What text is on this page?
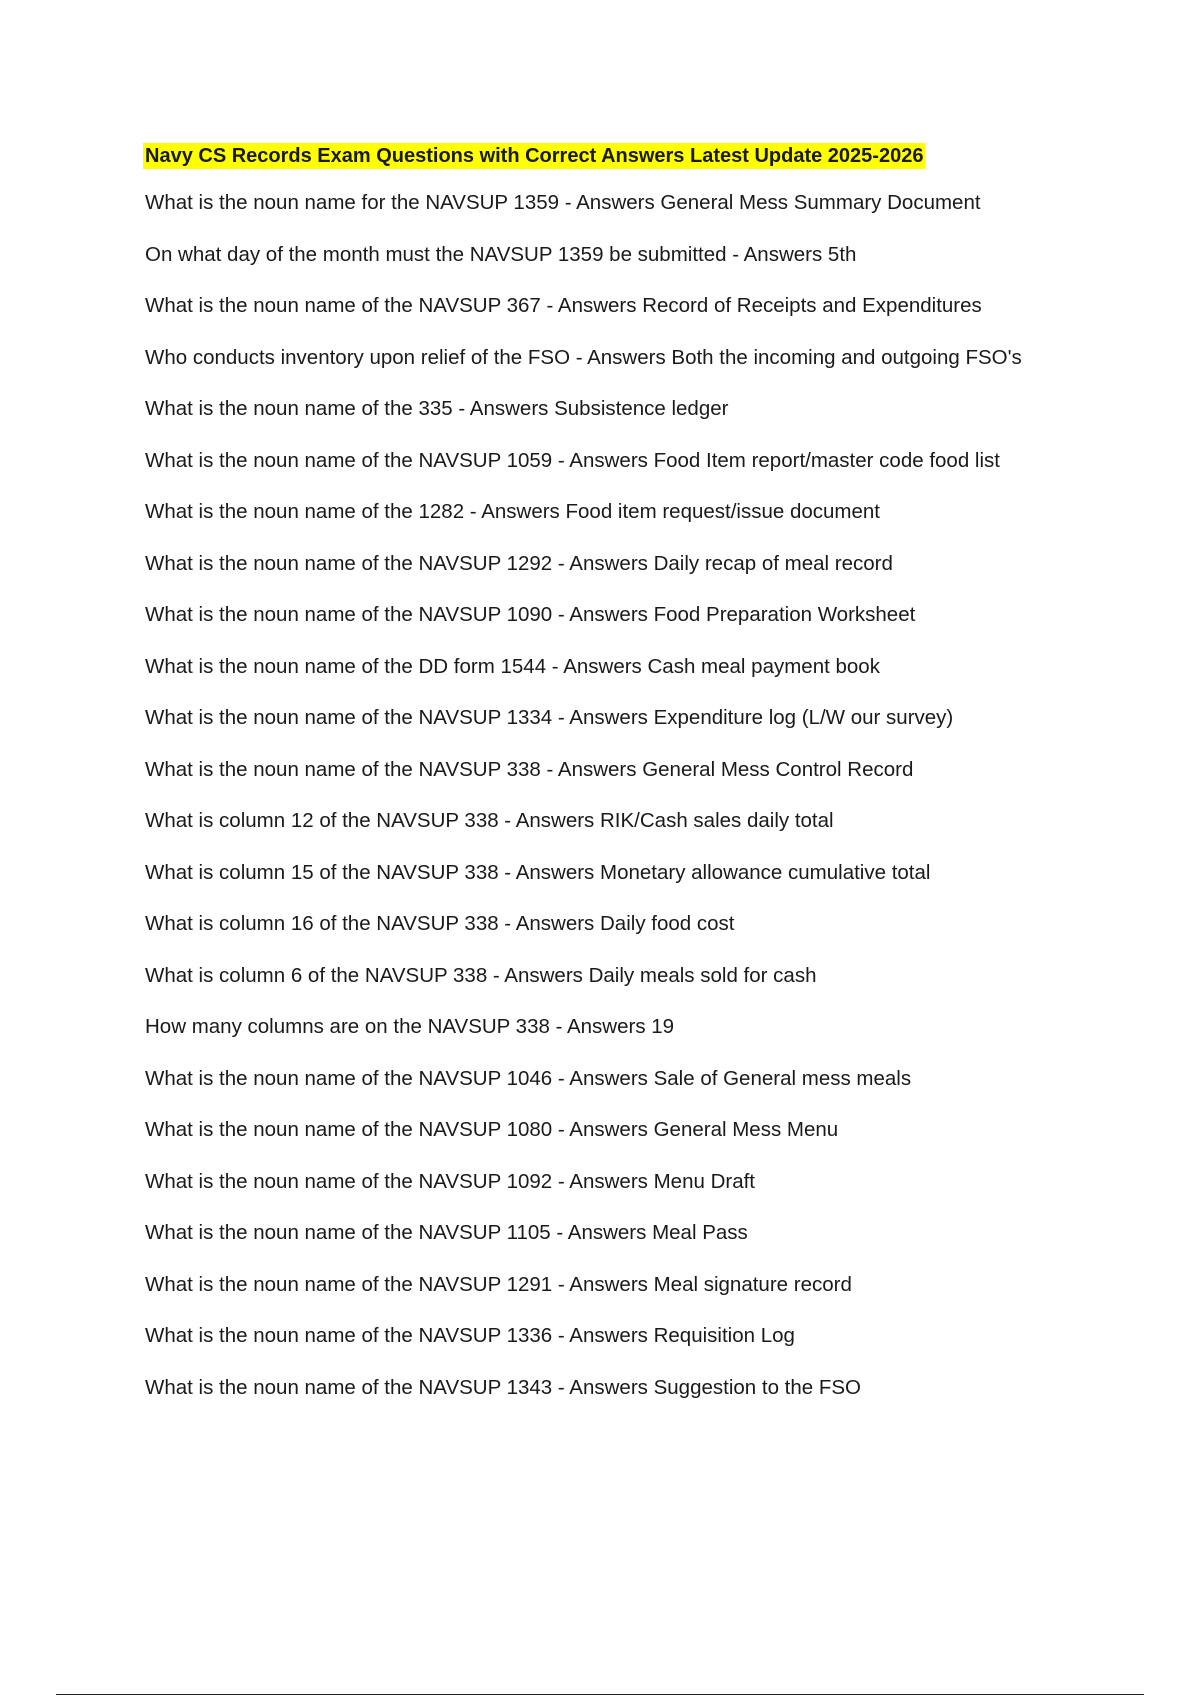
Navy CS Records Exam Questions with Correct Answers Latest Update 2025-2026
What is the noun name for the NAVSUP 1359 - Answers General Mess Summary Document
On what day of the month must the NAVSUP 1359 be submitted - Answers 5th
What is the noun name of the NAVSUP 367 - Answers Record of Receipts and Expenditures
Who conducts inventory upon relief of the FSO - Answers Both the incoming and outgoing FSO's
What is the noun name of the 335 - Answers Subsistence ledger
What is the noun name of the NAVSUP 1059 - Answers Food Item report/master code food list
What is the noun name of the 1282 - Answers Food item request/issue document
What is the noun name of the NAVSUP 1292 - Answers Daily recap of meal record
What is the noun name of the NAVSUP 1090 - Answers Food Preparation Worksheet
What is the noun name of the DD form 1544 - Answers Cash meal payment book
What is the noun name of the NAVSUP 1334 - Answers Expenditure log (L/W our survey)
What is the noun name of the NAVSUP 338 - Answers General Mess Control Record
What is column 12 of the NAVSUP 338 - Answers RIK/Cash sales daily total
What is column 15 of the NAVSUP 338 - Answers Monetary allowance cumulative total
What is column 16 of the NAVSUP 338 - Answers Daily food cost
What is column 6 of the NAVSUP 338 - Answers Daily meals sold for cash
How many columns are on the NAVSUP 338 - Answers 19
What is the noun name of the NAVSUP 1046 - Answers Sale of General mess meals
What is the noun name of the NAVSUP 1080 - Answers General Mess Menu
What is the noun name of the NAVSUP 1092 - Answers Menu Draft
What is the noun name of the NAVSUP 1105 - Answers Meal Pass
What is the noun name of the NAVSUP 1291 - Answers Meal signature record
What is the noun name of the NAVSUP 1336 - Answers Requisition Log
What is the noun name of the NAVSUP 1343 - Answers Suggestion to the FSO
